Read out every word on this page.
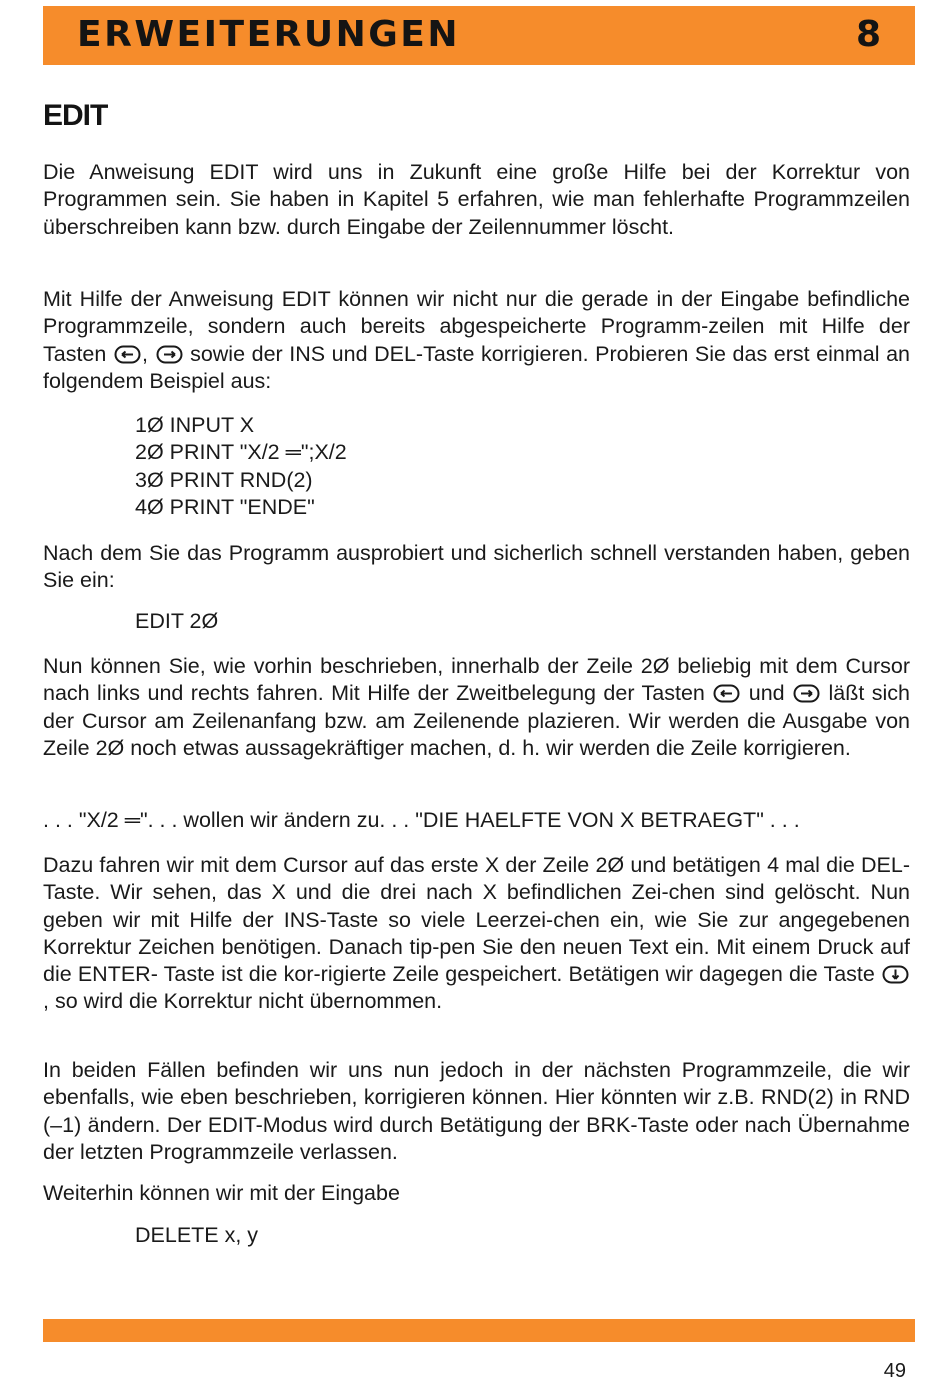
ERWEITERUNGEN	8
EDIT

Die Anweisung EDIT wird uns in Zukunft eine große Hilfe bei der Korrektur von Programmen sein. Sie haben in Kapitel 5 erfahren, wie man fehlerhafte Programmzeilen überschreiben kann bzw. durch Eingabe der Zeilennummer löscht.

Mit Hilfe der Anweisung EDIT können wir nicht nur die gerade in der Eingabe befindliche Programmzeile, sondern auch bereits abgespeicherte Programm-zeilen mit Hilfe der Tasten , sowie der INS und DEL-Taste korrigieren. Probieren Sie das erst einmal an folgendem Beispiel aus:

1Ø INPUT X
2Ø PRINT "X/2 ═";X/2
3Ø PRINT RND(2)
4Ø PRINT "ENDE"

Nach dem Sie das Programm ausprobiert und sicherlich schnell verstanden haben, geben Sie ein:

EDIT 2Ø

Nun können Sie, wie vorhin beschrieben, innerhalb der Zeile 2Ø beliebig mit dem Cursor nach links und rechts fahren. Mit Hilfe der Zweitbelegung der Tasten und läßt sich der Cursor am Zeilenanfang bzw. am Zeilenende plazieren. Wir werden die Ausgabe von Zeile 2Ø noch etwas aussagekräftiger machen, d. h. wir werden die Zeile korrigieren.

. . . "X/2 ═". . . wollen wir ändern zu. . . "DIE HAELFTE VON X BETRAEGT" . . .

Dazu fahren wir mit dem Cursor auf das erste X der Zeile 2Ø und betätigen 4 mal die DEL-Taste. Wir sehen, das X und die drei nach X befindlichen Zei-chen sind gelöscht. Nun geben wir mit Hilfe der INS-Taste so viele Leerzei-chen ein, wie Sie zur angegebenen Korrektur Zeichen benötigen. Danach tip-pen Sie den neuen Text ein. Mit einem Druck auf die ENTER- Taste ist die kor-rigierte Zeile gespeichert. Betätigen wir dagegen die Taste , so wird die Korrektur nicht übernommen.

In beiden Fällen befinden wir uns nun jedoch in der nächsten Programmzeile, die wir ebenfalls, wie eben beschrieben, korrigieren können. Hier könnten wir z.B. RND(2) in RND (–1) ändern. Der EDIT-Modus wird durch Betätigung der BRK-Taste oder nach Übernahme der letzten Programmzeile verlassen.

Weiterhin können wir mit der Eingabe

DELETE x, y
49
